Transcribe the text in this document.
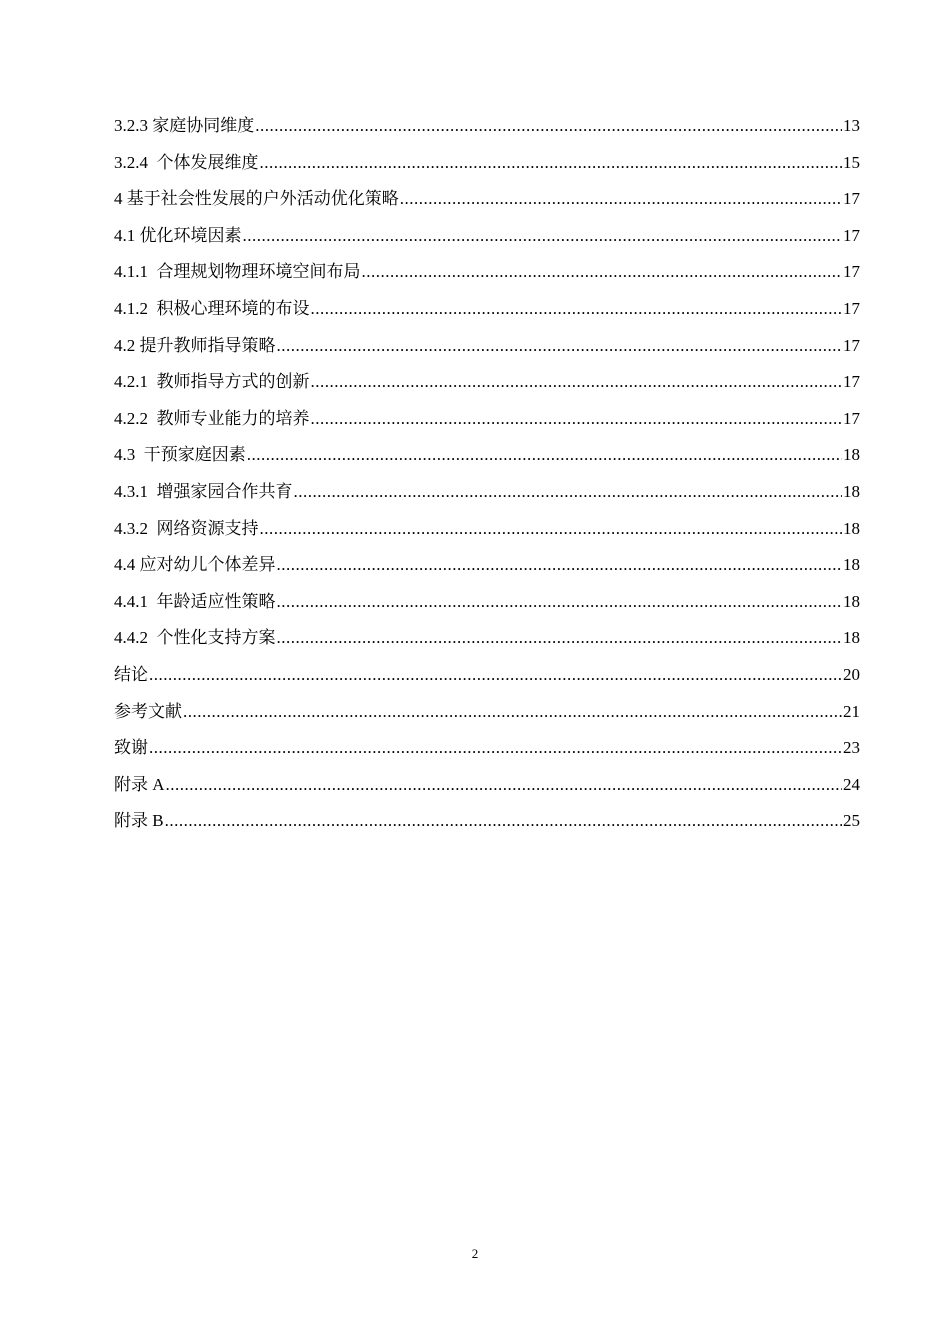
3.2.3 家庭协同维度 .....	13
3.2.4  个体发展维度 .....	15
4 基于社会性发展的户外活动优化策略 .....	17
4.1 优化环境因素 .....	17
4.1.1  合理规划物理环境空间布局 .....	17
4.1.2  积极心理环境的布设 .....	17
4.2 提升教师指导策略 .....	17
4.2.1  教师指导方式的创新 .....	17
4.2.2  教师专业能力的培养 .....	17
4.3  干预家庭因素 .....	18
4.3.1  增强家园合作共育 .....	18
4.3.2  网络资源支持 .....	18
4.4 应对幼儿个体差异 .....	18
4.4.1  年龄适应性策略 .....	18
4.4.2  个性化支持方案 .....	18
结论 .....	20
参考文献 .....	21
致谢 .....	23
附录 A .....	24
附录 B .....	25
2
